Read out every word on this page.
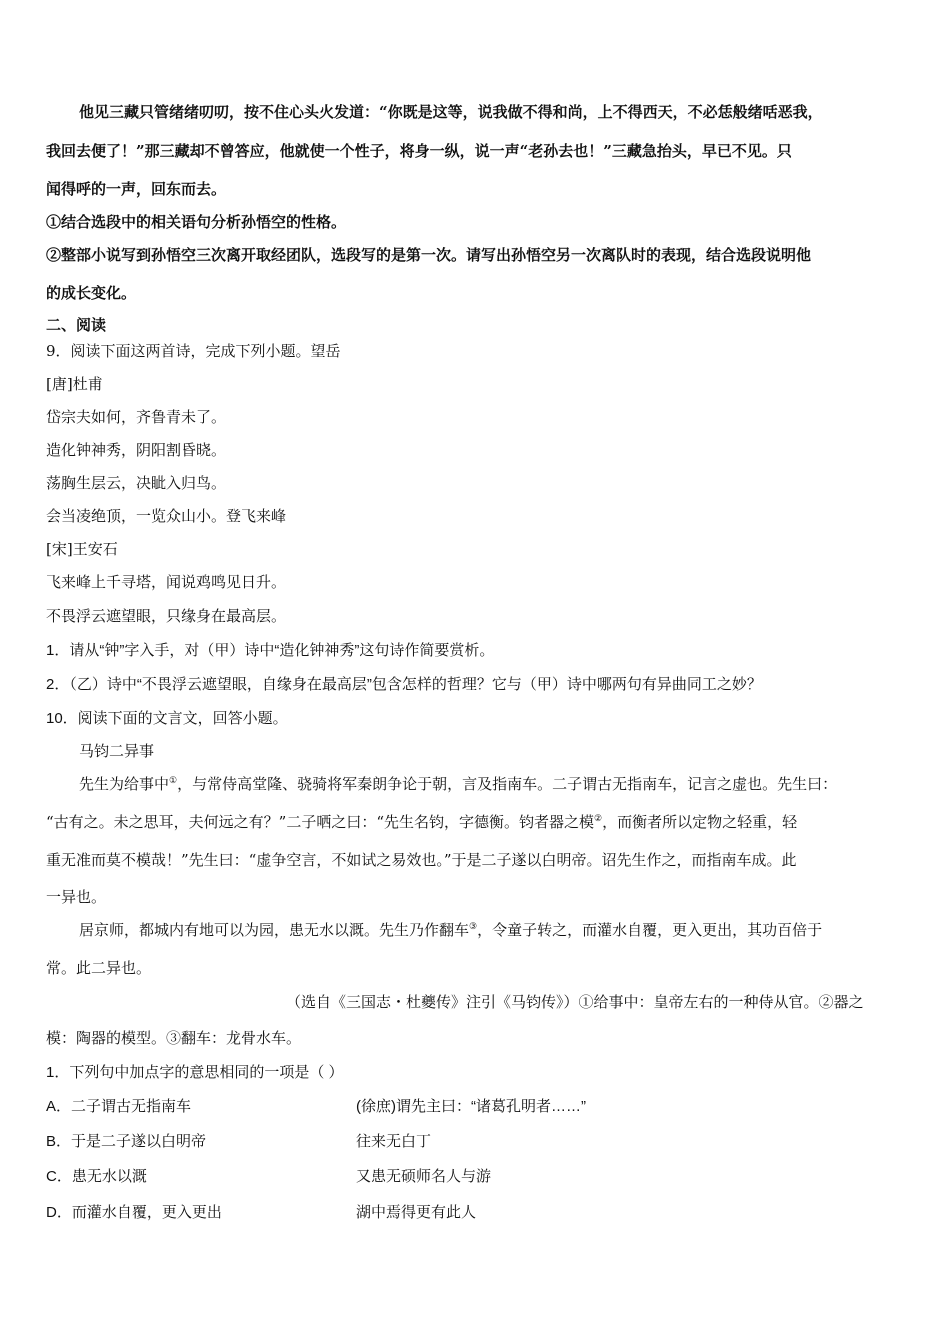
他见三藏只管绪绪叨叨，按不住心头火发道：“你既是这等，说我做不得和尚，上不得西天，不必恁般绪咶恶我，
我回去便了！”那三藏却不曾答应，他就使一个性子，将身一纵，说一声“老孙去也！”三藏急抬头，早已不见。只
闻得呼的一声，回东而去。
①结合选段中的相关语句分析孙悟空的性格。
②整部小说写到孙悟空三次离开取经团队，选段写的是第一次。请写出孙悟空另一次离队时的表现，结合选段说明他
的成长变化。
二、阅读
9．阅读下面这两首诗，完成下列小题。望岳
[唐]杜甫
岱宗夫如何，齐鲁青未了。
造化钟神秀，阴阳割昏晓。
荡胸生层云，决眦入归鸟。
会当凌绝顶，一览众山小。登飞来峰
[宋]王安石
飞来峰上千寻塔，闻说鸡鸣见日升。
不畏浮云遮望眼，只缘身在最高层。
1．请从“钟”字入手，对（甲）诗中“造化钟神秀”这句诗作简要赏析。
2．（乙）诗中“不畏浮云遮望眼，自缘身在最高层”包含怎样的哲理？它与（甲）诗中哪两句有异曲同工之妙？
10．阅读下面的文言文，回答小题。
马钧二异事
先生为给事中①，与常侍高堂隆、骁骑将军秦朗争论于朝，言及指南车。二子谓古无指南车，记言之虚也。先生曰：
“古有之。未之思耳，夫何远之有？”二子哂之曰：“先生名钧，字德衡。钧者器之模②，而衡者所以定物之轻重，轻
重无准而莫不模哉！”先生曰：“虚争空言，不如试之易效也。”于是二子遂以白明帝。诏先生作之，而指南车成。此
一异也。
居京师，都城内有地可以为园，患无水以溉。先生乃作翻车③，令童子转之，而灌水自覆，更入更出，其功百倍于
常。此二异也。
（选自《三国志・杜夔传》注引《马钧传》）①给事中：皇帝左右的一种侍从官。②器之
模：陶器的模型。③翻车：龙骨水车。
1．下列句中加点字的意思相同的一项是（ ）
A．二子谓古无指南车	(徐庶)谓先主曰：“诸葛孔明者……”
B．于是二子遂以白明帝	往来无白丁
C．患无水以溉	又患无硕师名人与游
D．而灌水自覆，更入更出	湖中焉得更有此人
